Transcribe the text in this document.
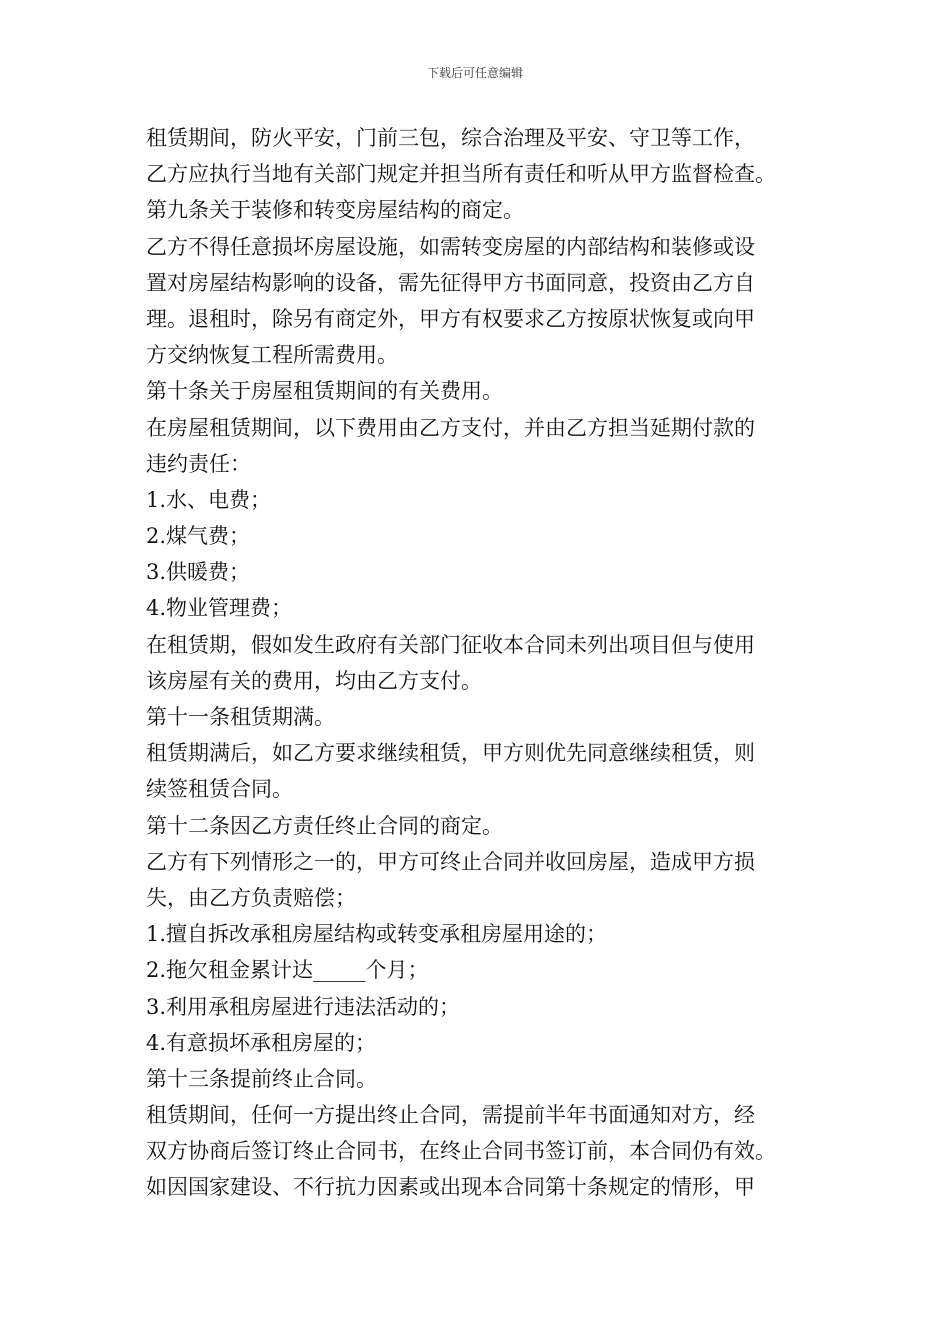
下载后可任意编辑
租赁期间，防火平安，门前三包，综合治理及平安、守卫等工作，
乙方应执行当地有关部门规定并担当所有责任和听从甲方监督检查。
第九条关于装修和转变房屋结构的商定。
乙方不得任意损坏房屋设施，如需转变房屋的内部结构和装修或设
置对房屋结构影响的设备，需先征得甲方书面同意，投资由乙方自
理。退租时，除另有商定外，甲方有权要求乙方按原状恢复或向甲
方交纳恢复工程所需费用。
第十条关于房屋租赁期间的有关费用。
在房屋租赁期间，以下费用由乙方支付，并由乙方担当延期付款的
违约责任：
1.水、电费；
2.煤气费；
3.供暖费；
4.物业管理费；
在租赁期，假如发生政府有关部门征收本合同未列出项目但与使用
该房屋有关的费用，均由乙方支付。
第十一条租赁期满。
租赁期满后，如乙方要求继续租赁，甲方则优先同意继续租赁，则
续签租赁合同。
第十二条因乙方责任终止合同的商定。
乙方有下列情形之一的，甲方可终止合同并收回房屋，造成甲方损
失，由乙方负责赔偿；
1.擅自拆改承租房屋结构或转变承租房屋用途的；
2.拖欠租金累计达_____个月；
3.利用承租房屋进行违法活动的；
4.有意损坏承租房屋的；
第十三条提前终止合同。
租赁期间，任何一方提出终止合同，需提前半年书面通知对方，经
双方协商后签订终止合同书，在终止合同书签订前，本合同仍有效。
如因国家建设、不行抗力因素或出现本合同第十条规定的情形，甲
